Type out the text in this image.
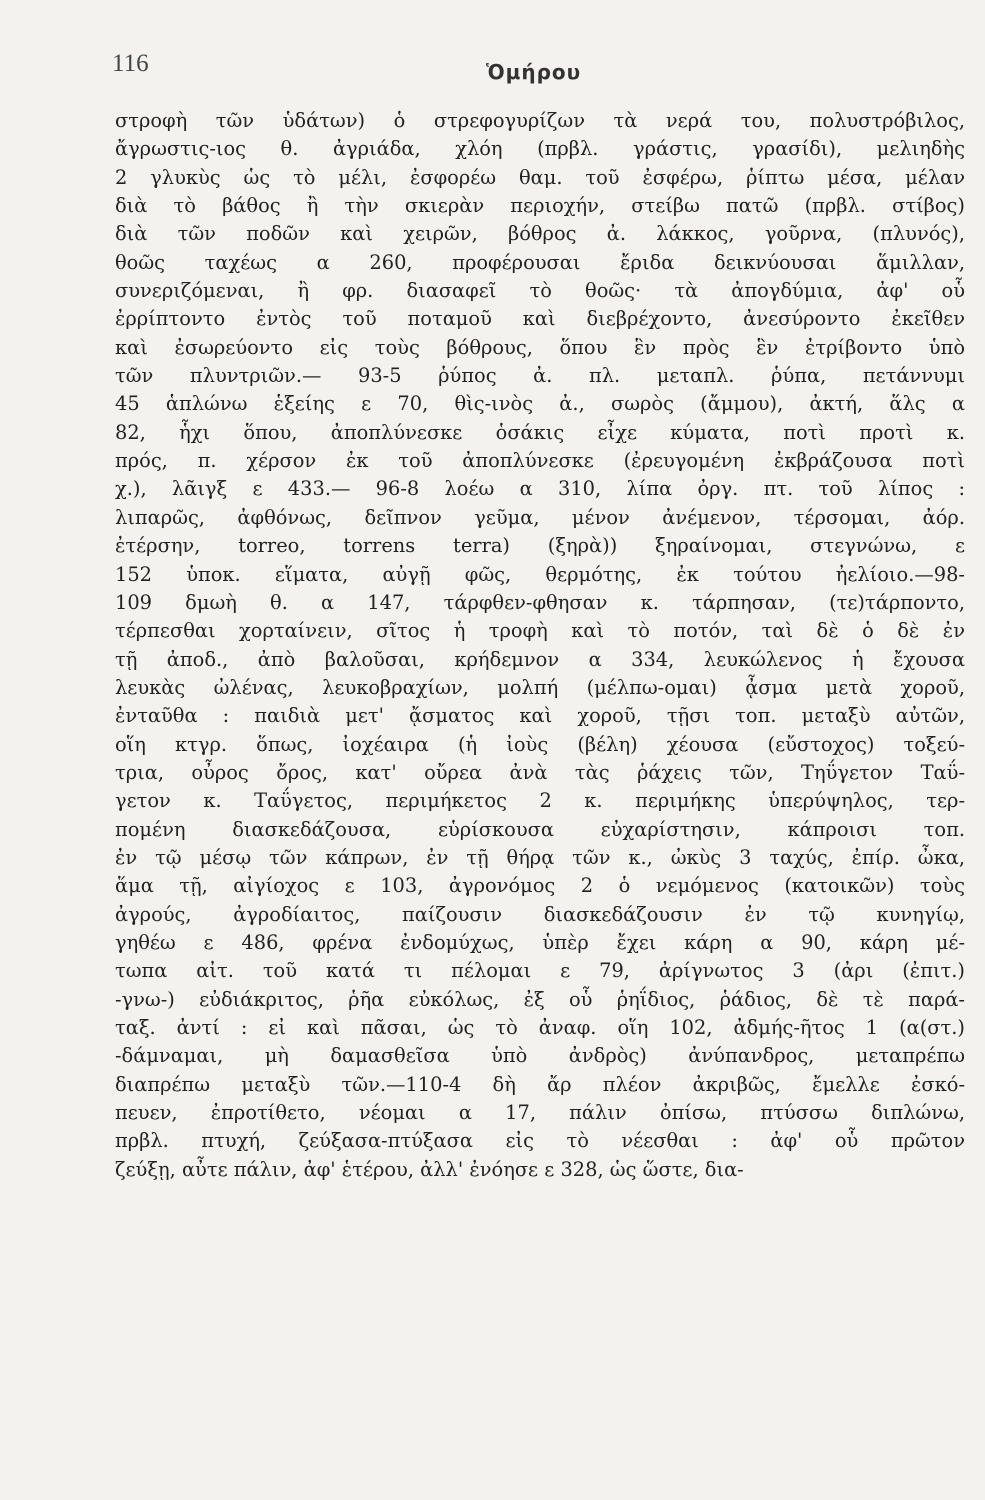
116	Ὁμήρου
στροφὴ τῶν ὑδάτων) ὁ στρεφογυρίζων τὰ νερά του, πολυστρόβιλος,
ἄγρωστις-ιος θ. ἀγριάδα, χλόη (πρβλ. γράστις, γρασίδι), μελιηδὴς
2 γλυκὺς ὡς τὸ μέλι, ἐσφορέω θαμ. τοῦ ἐσφέρω, ῥίπτω μέσα, μέλαν
διὰ τὸ βάθος ἢ τὴν σκιερὰν περιοχήν, στείβω πατῶ (πρβλ. στίβος)
διὰ τῶν ποδῶν καὶ χειρῶν, βόθρος ἀ. λάκκος, γοῦρνα, (πλυνός),
θοῶς ταχέως α 260, προφέρουσαι ἔριδα δεικνύουσαι ἅμιλλαν,
συνεριζόμεναι, ἢ φρ. διασαφεῖ τὸ θοῶς· τὰ ἀπογδύμια, ἀφ' οὗ
ἐρρίπτοντο ἐντὸς τοῦ ποταμοῦ καὶ διεβρέχοντο, ἀνεσύροντο ἐκεῖθεν
καὶ ἐσωρεύοντο εἰς τοὺς βόθρους, ὅπου ἓν πρὸς ἓν ἐτρίβοντο ὑπὸ
τῶν πλυντριῶν.— 93-5 ῥύπος ἀ. πλ. μεταπλ. ῥύπα, πετάννυμι
45 ἁπλώνω ἑξείης ε 70, θὶς-ινὸς ἀ., σωρὸς (ἄμμου), ἀκτή, ἅλς α
82, ἧχι ὅπου, ἀποπλύνεσκε ὁσάκις εἶχε κύματα, ποτὶ προτὶ κ.
πρός, π. χέρσον ἐκ τοῦ ἀποπλύνεσκε (ἐρευγομένη ἐκβράζουσα ποτὶ
χ.), λᾶιγξ ε 433.— 96-8 λοέω α 310, λίπα ὀργ. πτ. τοῦ λίπος :
λιπαρῶς, ἀφθόνως, δεῖπνον γεῦμα, μένον ἀνέμενον, τέρσομαι, ἀόρ.
ἐτέρσην, torreo, torrens terra) (ξηρὰ)) ξηραίνομαι, στεγνώνω, ε
152 ὑποκ. εἵματα, αὐγῇ φῶς, θερμότης, ἐκ τούτου ἠελίοιο.—98-
109 δμωὴ θ. α 147, τάρφθεν-φθησαν κ. τάρπησαν, (τε)τάρποντο,
τέρπεσθαι χορταίνειν, σῖτος ἡ τροφὴ καὶ τὸ ποτόν, ταὶ δὲ ὁ δὲ ἐν
τῇ ἀποδ., ἀπὸ βαλοῦσαι, κρήδεμνον α 334, λευκώλενος ἡ ἔχουσα
λευκὰς ὠλένας, λευκοβραχίων, μολπή (μέλπω-ομαι) ᾆσμα μετὰ χοροῦ,
ἐνταῦθα : παιδιὰ μετ' ᾄσματος καὶ χοροῦ, τῇσι τοπ. μεταξὺ αὐτῶν,
οἵη κτγρ. ὅπως, ἰοχέαιρα (ἡ ἰοὺς (βέλη) χέουσα (εὔστοχος) τοξεύ-
τρια, οὖρος ὄρος, κατ' οὔρεα ἀνὰ τὰς ῥάχεις τῶν, Τηΰγετον Ταΰ-
γετον κ. Ταΰγετος, περιμήκετος 2 κ. περιμήκης ὑπερύψηλος, τερ-
πομένη διασκεδάζουσα, εὑρίσκουσα εὐχαρίστησιν, κάπροισι τοπ.
ἐν τῷ μέσῳ τῶν κάπρων, ἐν τῇ θήρᾳ τῶν κ., ὠκὺς 3 ταχύς, ἐπίρ. ὦκα,
ἅμα τῇ, αἰγίοχος ε 103, ἀγρονόμος 2 ὁ νεμόμενος (κατοικῶν) τοὺς
ἀγρούς, ἀγροδίαιτος, παίζουσιν διασκεδάζουσιν ἐν τῷ κυνηγίῳ,
γηθέω ε 486, φρένα ἐνδομύχως, ὑπὲρ ἔχει κάρη α 90, κάρη μέ-
τωπα αἰτ. τοῦ κατά τι πέλομαι ε 79, ἀρίγνωτος 3 (ἀρι (ἐπιτ.)
-γνω-) εὐδιάκριτος, ῥῆα εὐκόλως, ἐξ οὗ ῥηΐδιος, ῥάδιος, δὲ τὲ παρά-
ταξ. ἀντί : εἰ καὶ πᾶσαι, ὡς τὸ ἀναφ. οἵη 102, ἀδμής-ῆτος 1 (α(στ.)
-δάμναμαι, μὴ δαμασθεῖσα ὑπὸ ἀνδρὸς) ἀνύπανδρος, μεταπρέπω
διαπρέπω μεταξὺ τῶν.—110-4 δὴ ἄρ πλέον ἀκριβῶς, ἔμελλε ἐσκό-
πευεν, ἐπροτίθετο, νέομαι α 17, πάλιν ὀπίσω, πτύσσω διπλώνω,
πρβλ. πτυχή, ζεύξασα-πτύξασα εἰς τὸ νέεσθαι : ἀφ' οὗ πρῶτον
ζεύξῃ, αὖτε πάλιν, ἀφ' ἑτέρου, ἀλλ' ἐνόησε ε 328, ὡς ὥστε, δια-
